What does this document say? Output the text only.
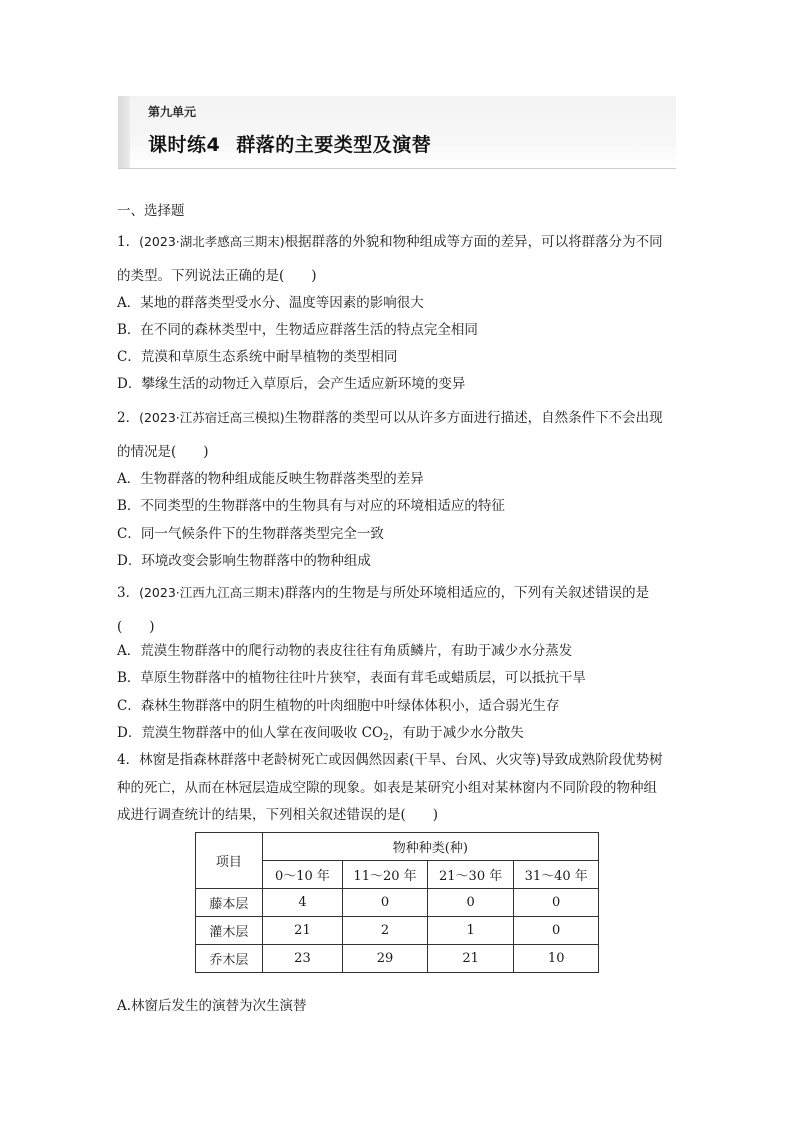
第九单元
课时练4 群落的主要类型及演替
一、选择题
1．(2023·湖北孝感高三期末)根据群落的外貌和物种组成等方面的差异，可以将群落分为不同
的类型。下列说法正确的是(　　)
A．某地的群落类型受水分、温度等因素的影响很大
B．在不同的森林类型中，生物适应群落生活的特点完全相同
C．荒漠和草原生态系统中耐旱植物的类型相同
D．攀缘生活的动物迁入草原后，会产生适应新环境的变异
2．(2023·江苏宿迁高三模拟)生物群落的类型可以从许多方面进行描述，自然条件下不会出现
的情况是(　　)
A．生物群落的物种组成能反映生物群落类型的差异
B．不同类型的生物群落中的生物具有与对应的环境相适应的特征
C．同一气候条件下的生物群落类型完全一致
D．环境改变会影响生物群落中的物种组成
3．(2023·江西九江高三期末)群落内的生物是与所处环境相适应的，下列有关叙述错误的是
(　　)
A．荒漠生物群落中的爬行动物的表皮往往有角质鳞片，有助于减少水分蒸发
B．草原生物群落中的植物往往叶片狭窄，表面有茸毛或蜡质层，可以抵抗干旱
C．森林生物群落中的阴生植物的叶肉细胞中叶绿体体积小，适合弱光生存
D．荒漠生物群落中的仙人掌在夜间吸收 $CO_2$，有助于减少水分散失
4．林窗是指森林群落中老龄树死亡或因偶然因素(干旱、台风、火灾等)导致成熟阶段优势树
种的死亡，从而在林冠层造成空隙的现象。如表是某研究小组对某林窗内不同阶段的物种组
成进行调查统计的结果，下列相关叙述错误的是(　　)
项目	物种种类(种)			
	0～10 年	11～20 年	21～30 年	31～40 年
藤本层	4	0	0	0
灌木层	21	2	1	0
乔木层	23	29	21	10
A.林窗后发生的演替为次生演替
